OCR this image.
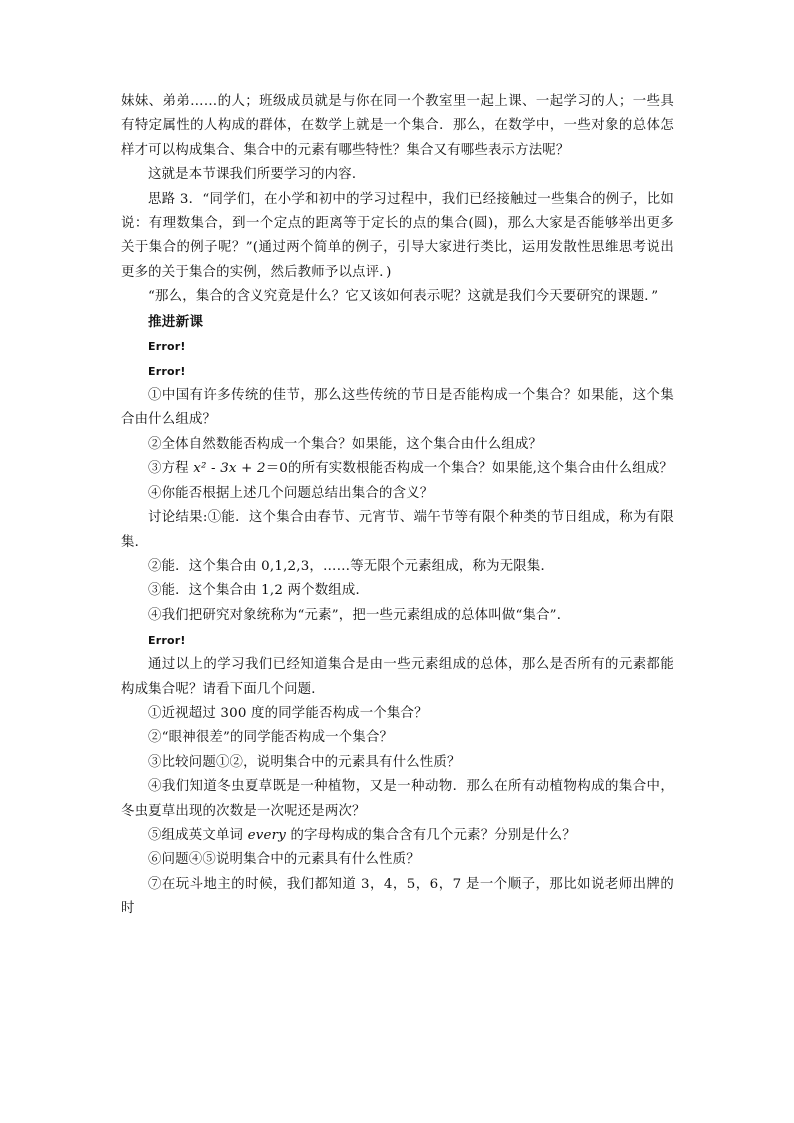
妹妹、弟弟……的人；班级成员就是与你在同一个教室里一起上课、一起学习的人；一些具有特定属性的人构成的群体，在数学上就是一个集合．那么，在数学中，一些对象的总体怎样才可以构成集合、集合中的元素有哪些特性？集合又有哪些表示方法呢？

这就是本节课我们所要学习的内容．

思路 3．“同学们，在小学和初中的学习过程中，我们已经接触过一些集合的例子，比如说：有理数集合，到一个定点的距离等于定长的点的集合(圆)，那么大家是否能够举出更多关于集合的例子呢？”(通过两个简单的例子，引导大家进行类比，运用发散性思维思考说出更多的关于集合的实例，然后教师予以点评．)

“那么，集合的含义究竟是什么？它又该如何表示呢？这就是我们今天要研究的课题．”

推进新课

Error!

Error!

①中国有许多传统的佳节，那么这些传统的节日是否能构成一个集合？如果能，这个集合由什么组成？

②全体自然数能否构成一个集合？如果能，这个集合由什么组成？

③方程 x² - 3x + 2＝0的所有实数根能否构成一个集合？如果能,这个集合由什么组成？

④你能否根据上述几个问题总结出集合的含义？

讨论结果:①能．这个集合由春节、元宵节、端午节等有限个种类的节日组成，称为有限集．

②能．这个集合由 0,1,2,3，……等无限个元素组成，称为无限集．

③能．这个集合由 1,2 两个数组成．

④我们把研究对象统称为“元素”，把一些元素组成的总体叫做“集合”．

Error!

通过以上的学习我们已经知道集合是由一些元素组成的总体，那么是否所有的元素都能构成集合呢？请看下面几个问题．

①近视超过 300 度的同学能否构成一个集合？

②“眼神很差”的同学能否构成一个集合？

③比较问题①②，说明集合中的元素具有什么性质？

④我们知道冬虫夏草既是一种植物，又是一种动物．那么在所有动植物构成的集合中，冬虫夏草出现的次数是一次呢还是两次？

⑤组成英文单词 every 的字母构成的集合含有几个元素？分别是什么？

⑥问题④⑤说明集合中的元素具有什么性质？

⑦在玩斗地主的时候，我们都知道 3，4，5，6，7 是一个顺子，那比如说老师出牌的时
